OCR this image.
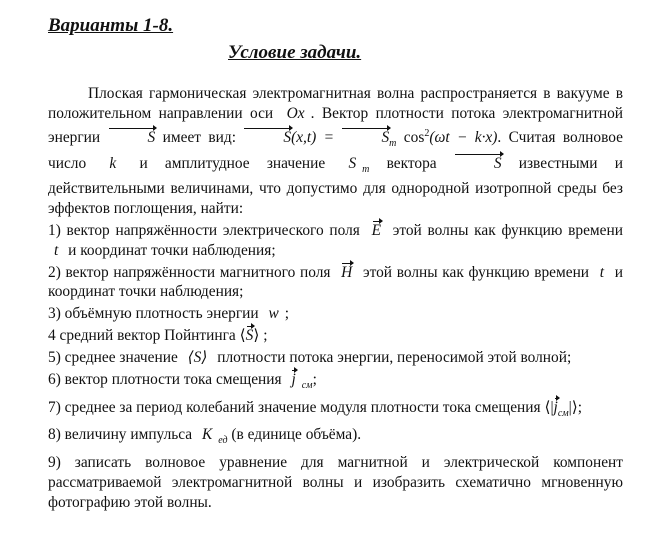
Варианты 1-8.
Условие задачи.

Плоская гармоническая электромагнитная волна распространяется в вакууме в положительном направлении оси Ox . Вектор плотности потока электромагнитной энергии	S имеет вид:	S(x,t) =	$S_m$ $\cos^2(\omega t - k\cdot x)$. Считая волновое число k и амплитудное значение S $_m$ вектора	S известными и действительными величинами, что допустимо для однородной изотропной среды без эффектов поглощения, найти:

1) вектор напряжённости электрического поля E этой волны как функцию времени t и координат точки наблюдения;

2) вектор напряжённости магнитного поля H этой волны как функцию времени t и координат точки наблюдения;

3) объёмную плотность энергии w ;

4 средний вектор Пойнтинга ⟨S⟩ ;

5) среднее значение ⟨S⟩ плотности потока энергии, переносимой этой волной;

6) вектор плотности тока смещения j $_{см}$;

7) среднее за период колебаний значение модуля плотности тока смещения $⟨|j_{см}|⟩$;

8) величину импульса K $_{ед}$ (в единице объёма).

9) записать волновое уравнение для магнитной и электрической компонент рассматриваемой электромагнитной волны и изобразить схематично мгновенную фотографию этой волны.
